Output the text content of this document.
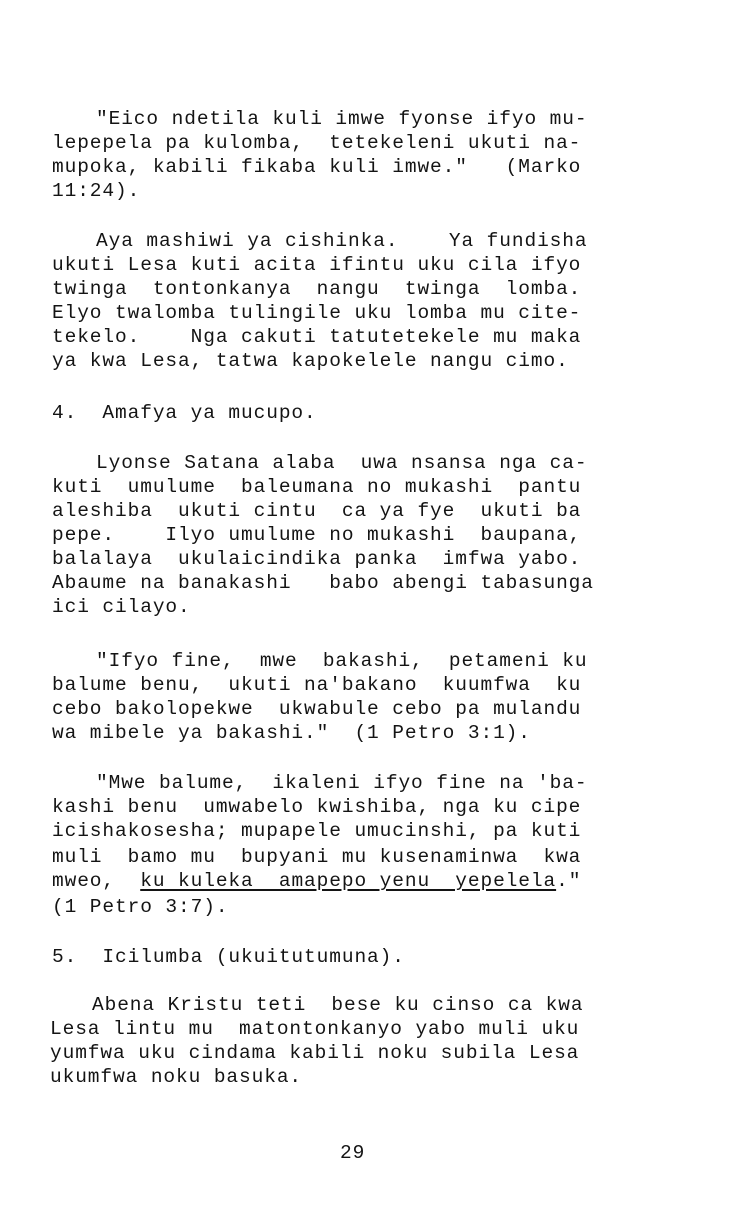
"Eico ndetila kuli imwe fyonse ifyo mu-
lepepela pa kulomba,  tetekeleni ukuti na-
mupoka, kabili fikaba kuli imwe."   (Marko
11:24).
Aya mashiwi ya cishinka.    Ya fundisha
ukuti Lesa kuti acita ifintu uku cila ifyo
twinga  tontonkanya  nangu  twinga  lomba.
Elyo twalomba tulingile uku lomba mu cite-
tekelo.    Nga cakuti tatutetekele mu maka
ya kwa Lesa, tatwa kapokelele nangu cimo.
4.  Amafya ya mucupo.
Lyonse Satana alaba  uwa nsansa nga ca-
kuti  umulume  baleumana no mukashi  pantu
aleshiba  ukuti cintu  ca ya fye  ukuti ba
pepe.    Ilyo umulume no mukashi  baupana,
balalaya  ukulaicindika panka  imfwa yabo.
Abaume na banakashi   babo abengi tabasunga
ici cilayo.
"Ifyo fine,  mwe  bakashi,  petameni ku
balume benu,  ukuti na'bakano  kuumfwa  ku
cebo bakolopekwe  ukwabule cebo pa mulandu
wa mibele ya bakashi."  (1 Petro 3:1).
"Mwe balume,  ikaleni ifyo fine na 'ba-
kashi benu  umwabelo kwishiba, nga ku cipe
icishakosesha; mupapele umucinshi, pa kuti
muli  bamo mu  bupyani mu kusenaminwa  kwa
mweo,  ku kuleka  amapepo yenu  yepelela."
(1 Petro 3:7).
5.  Icilumba (ukuitutumuna).
Abena Kristu teti  bese ku cinso ca kwa
Lesa lintu mu  matontonkanyo yabo muli uku
yumfwa uku cindama kabili noku subila Lesa
ukumfwa noku basuka.
29
